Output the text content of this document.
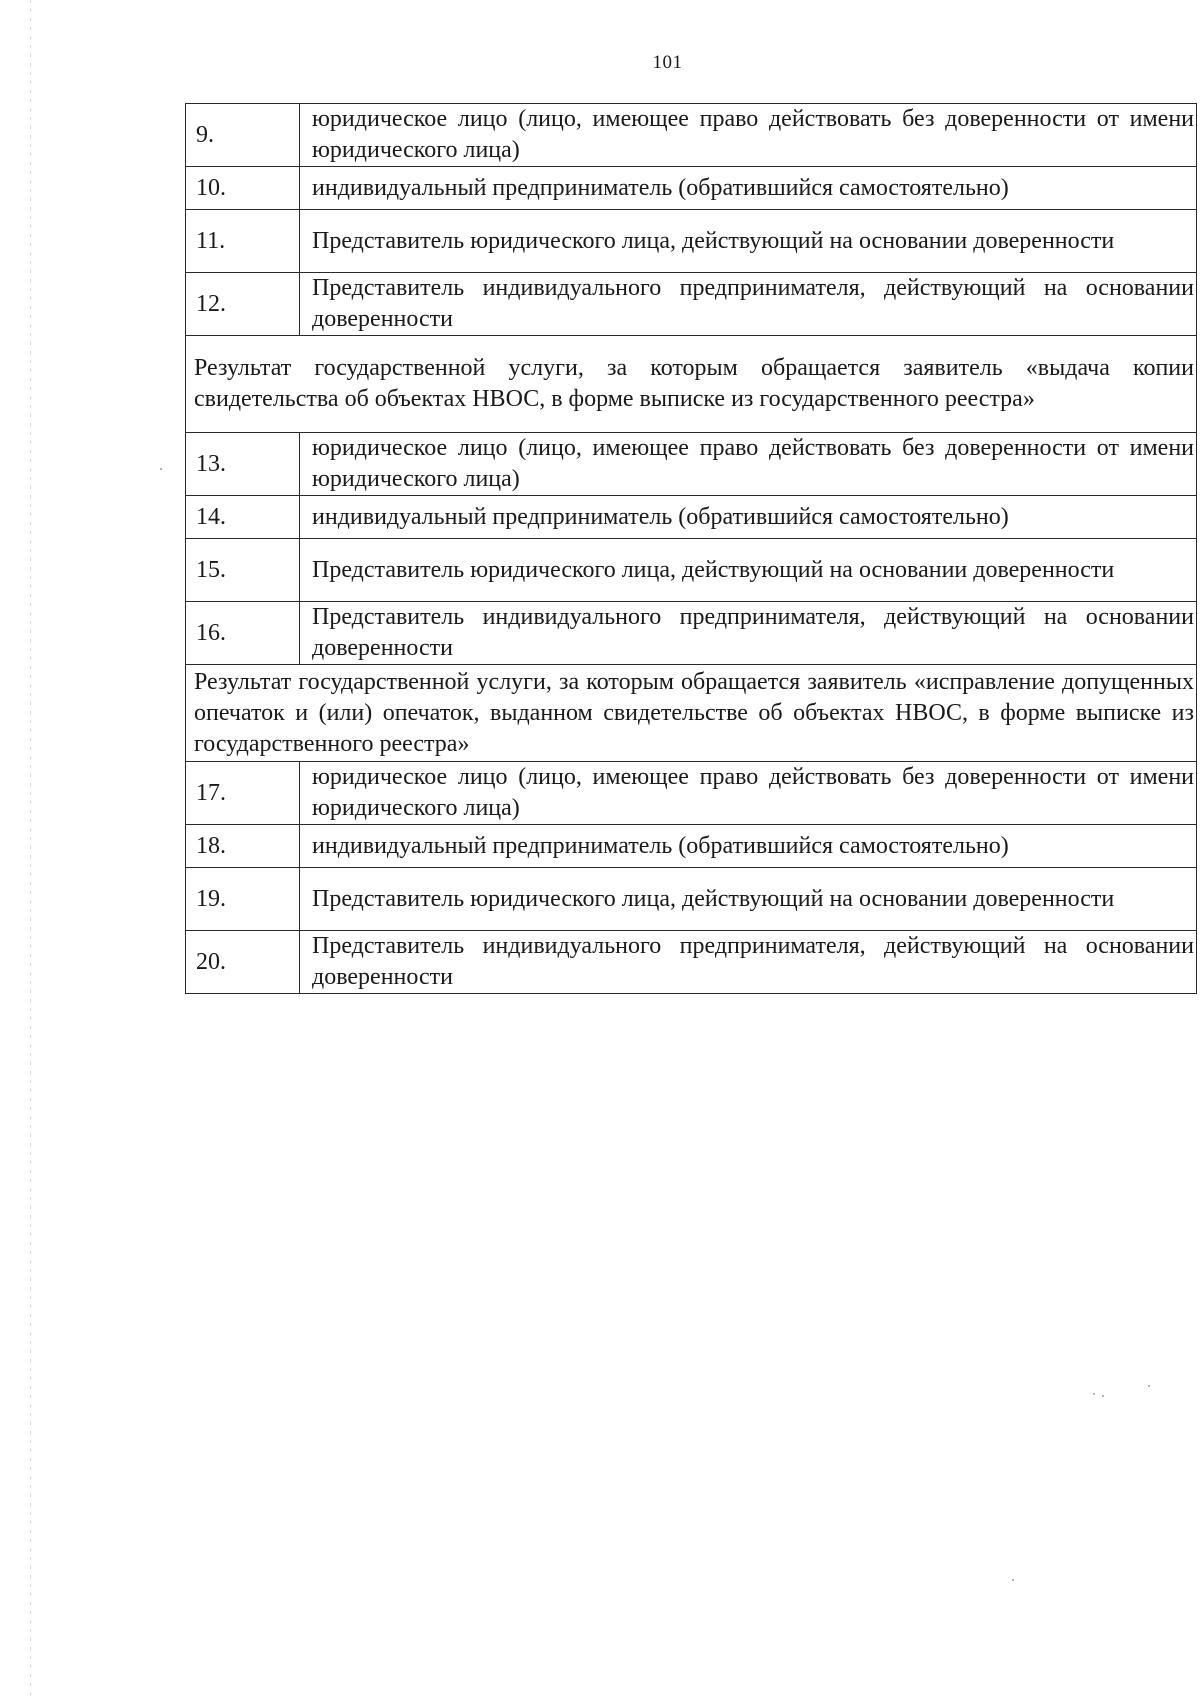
101
9.	юридическое лицо (лицо, имеющее право действовать без доверенности от имени юридического лица)
10.	индивидуальный предприниматель (обратившийся самостоятельно)
11.	Представитель юридического лица, действующий на основании доверенности
12.	Представитель индивидуального предпринимателя, действующий на основании доверенности
Результат государственной услуги, за которым обращается заявитель «выдача копии свидетельства об объектах НВОС, в форме выписке из государственного реестра»	
13.	юридическое лицо (лицо, имеющее право действовать без доверенности от имени юридического лица)
14.	индивидуальный предприниматель (обратившийся самостоятельно)
15.	Представитель юридического лица, действующий на основании доверенности
16.	Представитель индивидуального предпринимателя, действующий на основании доверенности
Результат государственной услуги, за которым обращается заявитель «исправление допущенных опечаток и (или) опечаток, выданном свидетельстве об объектах НВОС, в форме выписке из государственного реестра»	
17.	юридическое лицо (лицо, имеющее право действовать без доверенности от имени юридического лица)
18.	индивидуальный предприниматель (обратившийся самостоятельно)
19.	Представитель юридического лица, действующий на основании доверенности
20.	Представитель индивидуального предпринимателя, действующий на основании доверенности
